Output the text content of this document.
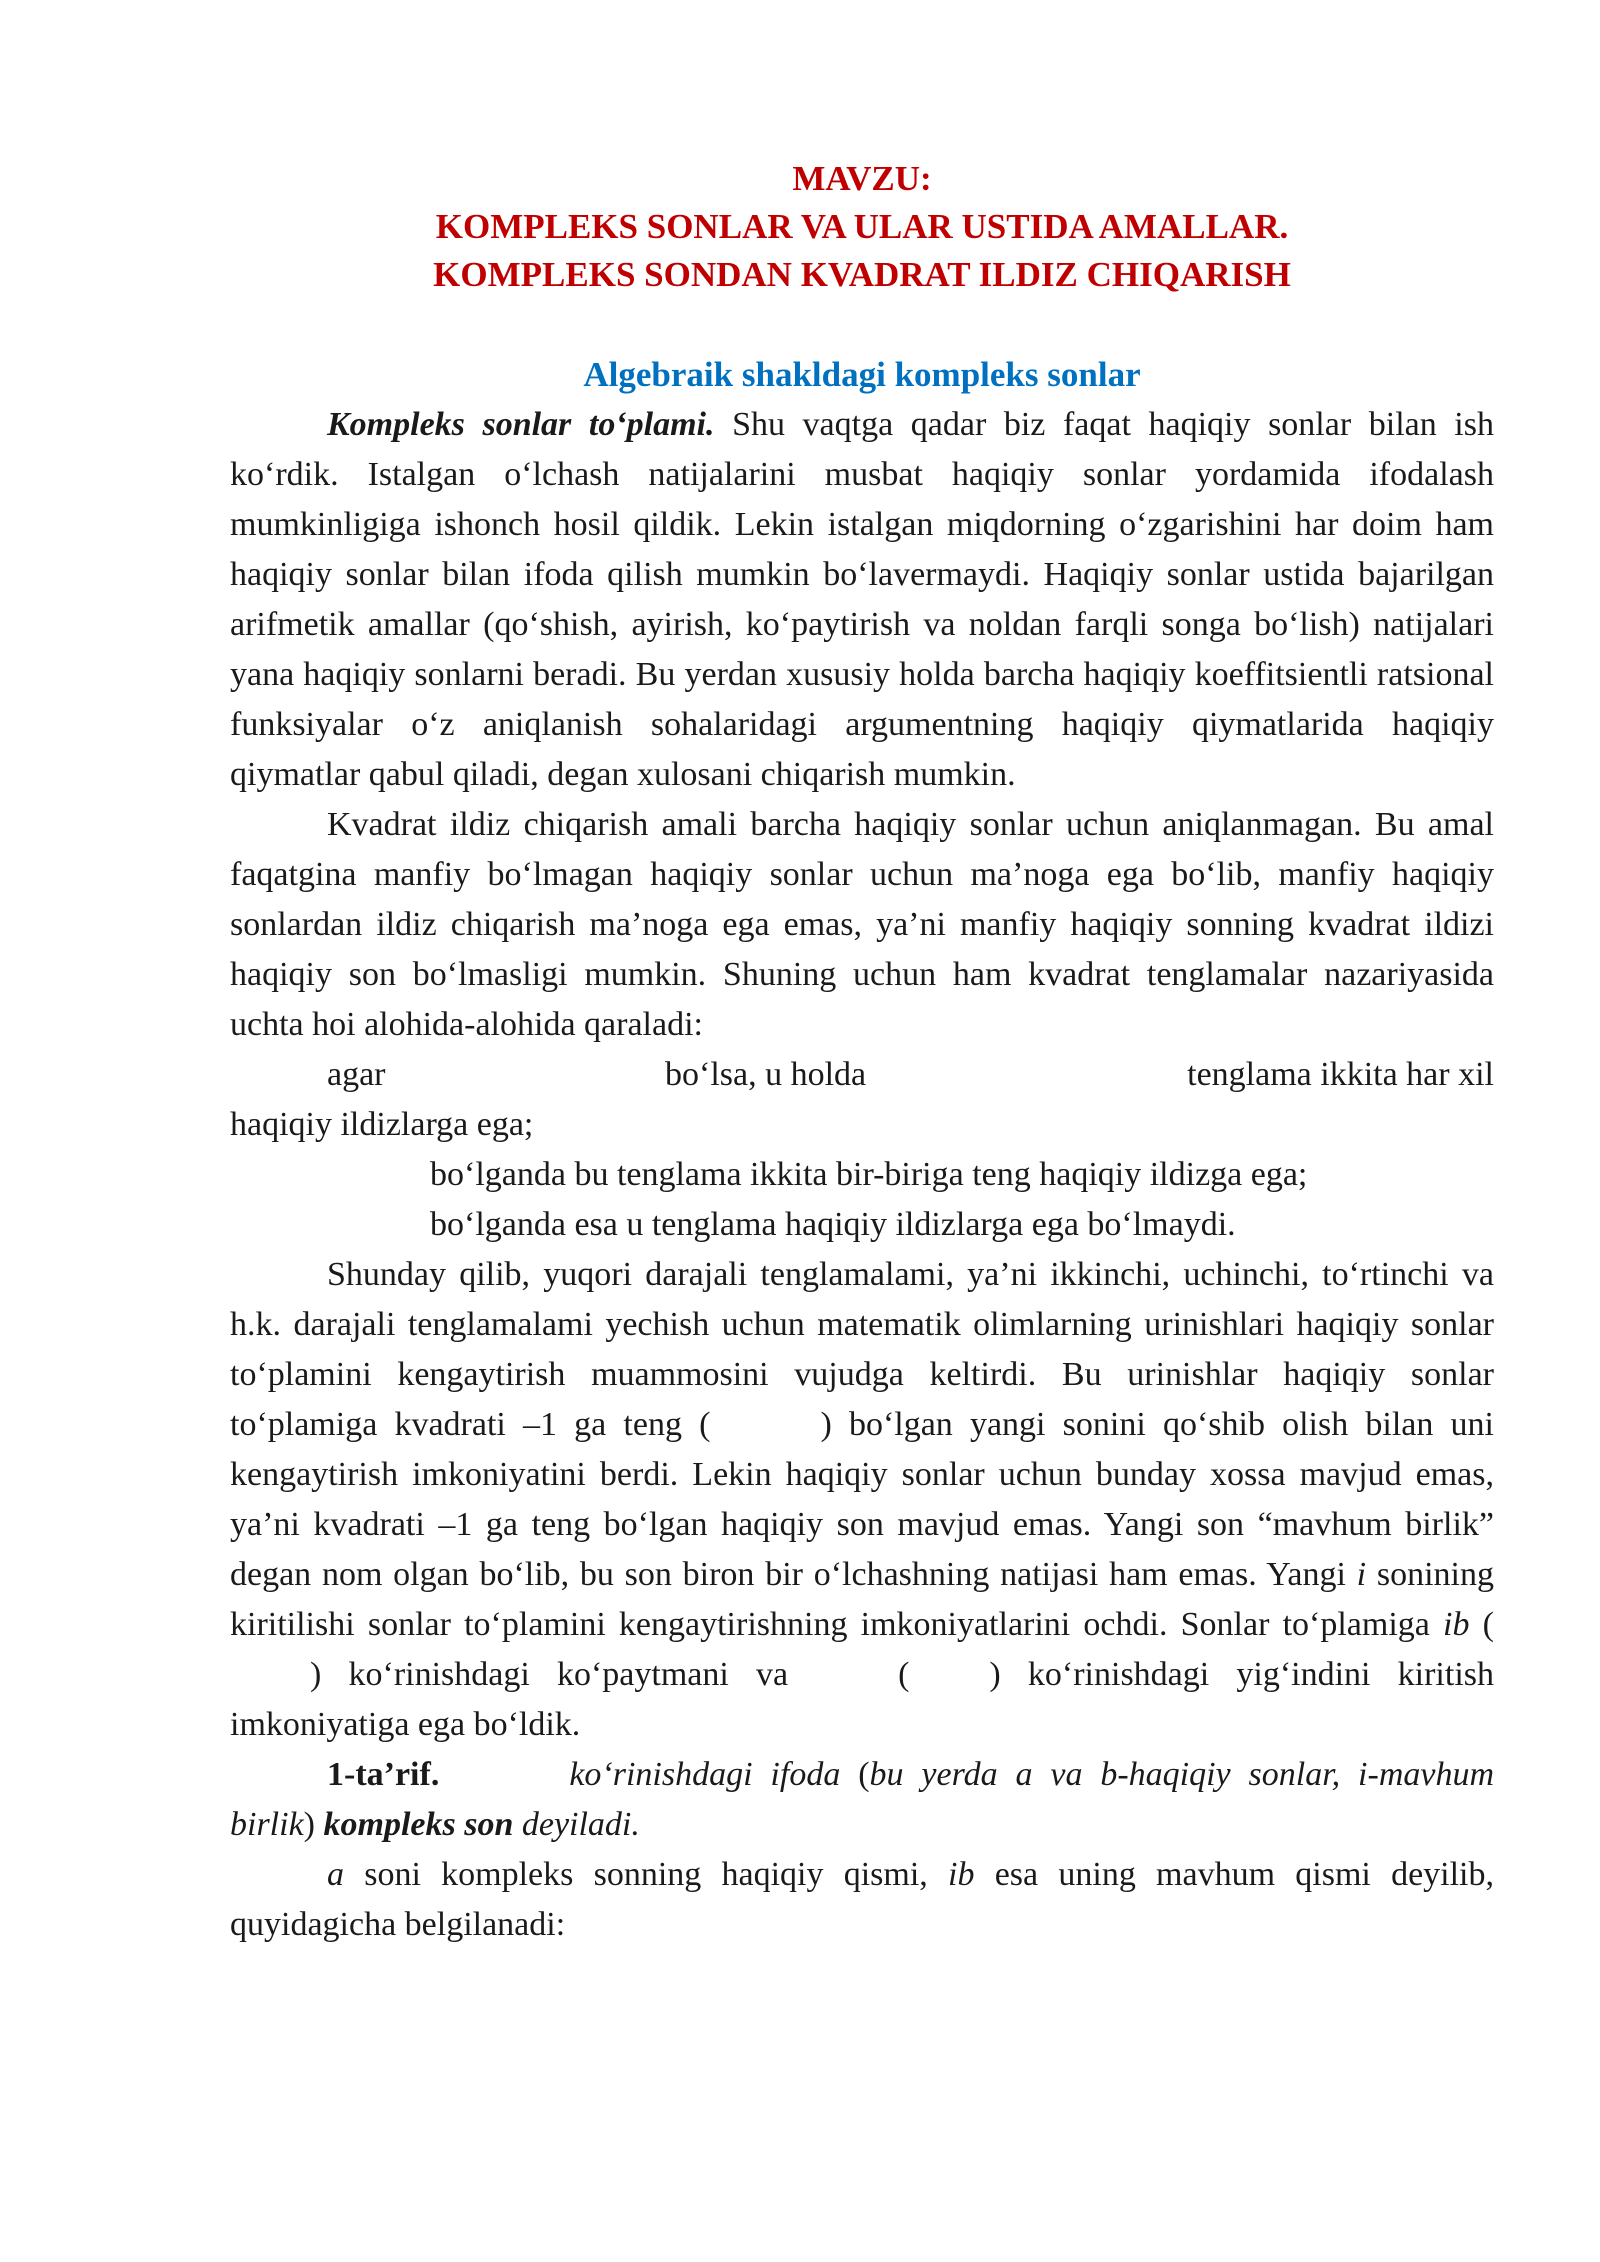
MAVZU:
KOMPLEKS SONLAR VA ULAR USTIDA AMALLAR.
KOMPLEKS SONDAN KVADRAT ILDIZ CHIQARISH
Algebraik shakldagi kompleks sonlar

Kompleks sonlar to‘plami. Shu vaqtga qadar biz faqat haqiqiy sonlar bilan ish ko‘rdik. Istalgan o‘lchash natijalarini musbat haqiqiy sonlar yordamida ifodalash mumkinligiga ishonch hosil qildik. Lekin istalgan miqdorning o‘zgarishini har doim ham haqiqiy sonlar bilan ifoda qilish mumkin bo‘lavermaydi. Haqiqiy sonlar ustida bajarilgan arifmetik amallar (qo‘shish, ayirish, ko‘paytirish va noldan farqli songa bo‘lish) natijalari yana haqiqiy sonlarni beradi. Bu yerdan xususiy holda barcha haqiqiy koeffitsientli ratsional funksiyalar o‘z aniqlanish sohalaridagi argumentning haqiqiy qiymatlarida haqiqiy qiymatlar qabul qiladi, degan xulosani chiqarish mumkin.

Kvadrat ildiz chiqarish amali barcha haqiqiy sonlar uchun aniqlanmagan. Bu amal faqatgina manfiy bo‘lmagan haqiqiy sonlar uchun ma’noga ega bo‘lib, manfiy haqiqiy sonlardan ildiz chiqarish ma’noga ega emas, ya’ni manfiy haqiqiy sonning kvadrat ildizi haqiqiy son bo‘lmasligi mumkin. Shuning uchun ham kvadrat tenglamalar nazariyasida uchta hoi alohida-alohida qaraladi:

agar	bo‘lsa, u holda	tenglama ikkita har xil

haqiqiy ildizlarga ega;

bo‘lganda bu tenglama ikkita bir-biriga teng haqiqiy ildizga ega;

bo‘lganda esa u tenglama haqiqiy ildizlarga ega bo‘lmaydi.

Shunday qilib, yuqori darajali tenglamalami, ya’ni ikkinchi, uchinchi, to‘rtinchi va h.k. darajali tenglamalami yechish uchun matematik olimlarning urinishlari haqiqiy sonlar to‘plamini kengaytirish muammosini vujudga keltirdi. Bu urinishlar haqiqiy sonlar to‘plamiga kvadrati –1 ga teng (	) bo‘lgan yangi sonini qo‘shib olish bilan uni kengaytirish imkoniyatini berdi. Lekin haqiqiy sonlar uchun bunday xossa mavjud emas, ya’ni kvadrati –1 ga teng bo‘lgan haqiqiy son mavjud emas. Yangi son “mavhum birlik” degan nom olgan bo‘lib, bu son biron bir o‘lchashning natijasi ham emas. Yangi i sonining kiritilishi sonlar to‘plamini kengaytirishning imkoniyatlarini ochdi. Sonlar to‘plamiga ib () ko‘rinishdagi ko‘paytmani va	( ) ko‘rinishdagi yig‘indini kiritish imkoniyatiga ega bo‘ldik.

1-ta’rif.	ko‘rinishdagi ifoda (bu yerda a va b-haqiqiy sonlar, i-mavhum birlik) kompleks son deyiladi.

a soni kompleks sonning haqiqiy qismi, ib esa uning mavhum qismi deyilib, quyidagicha belgilanadi:
